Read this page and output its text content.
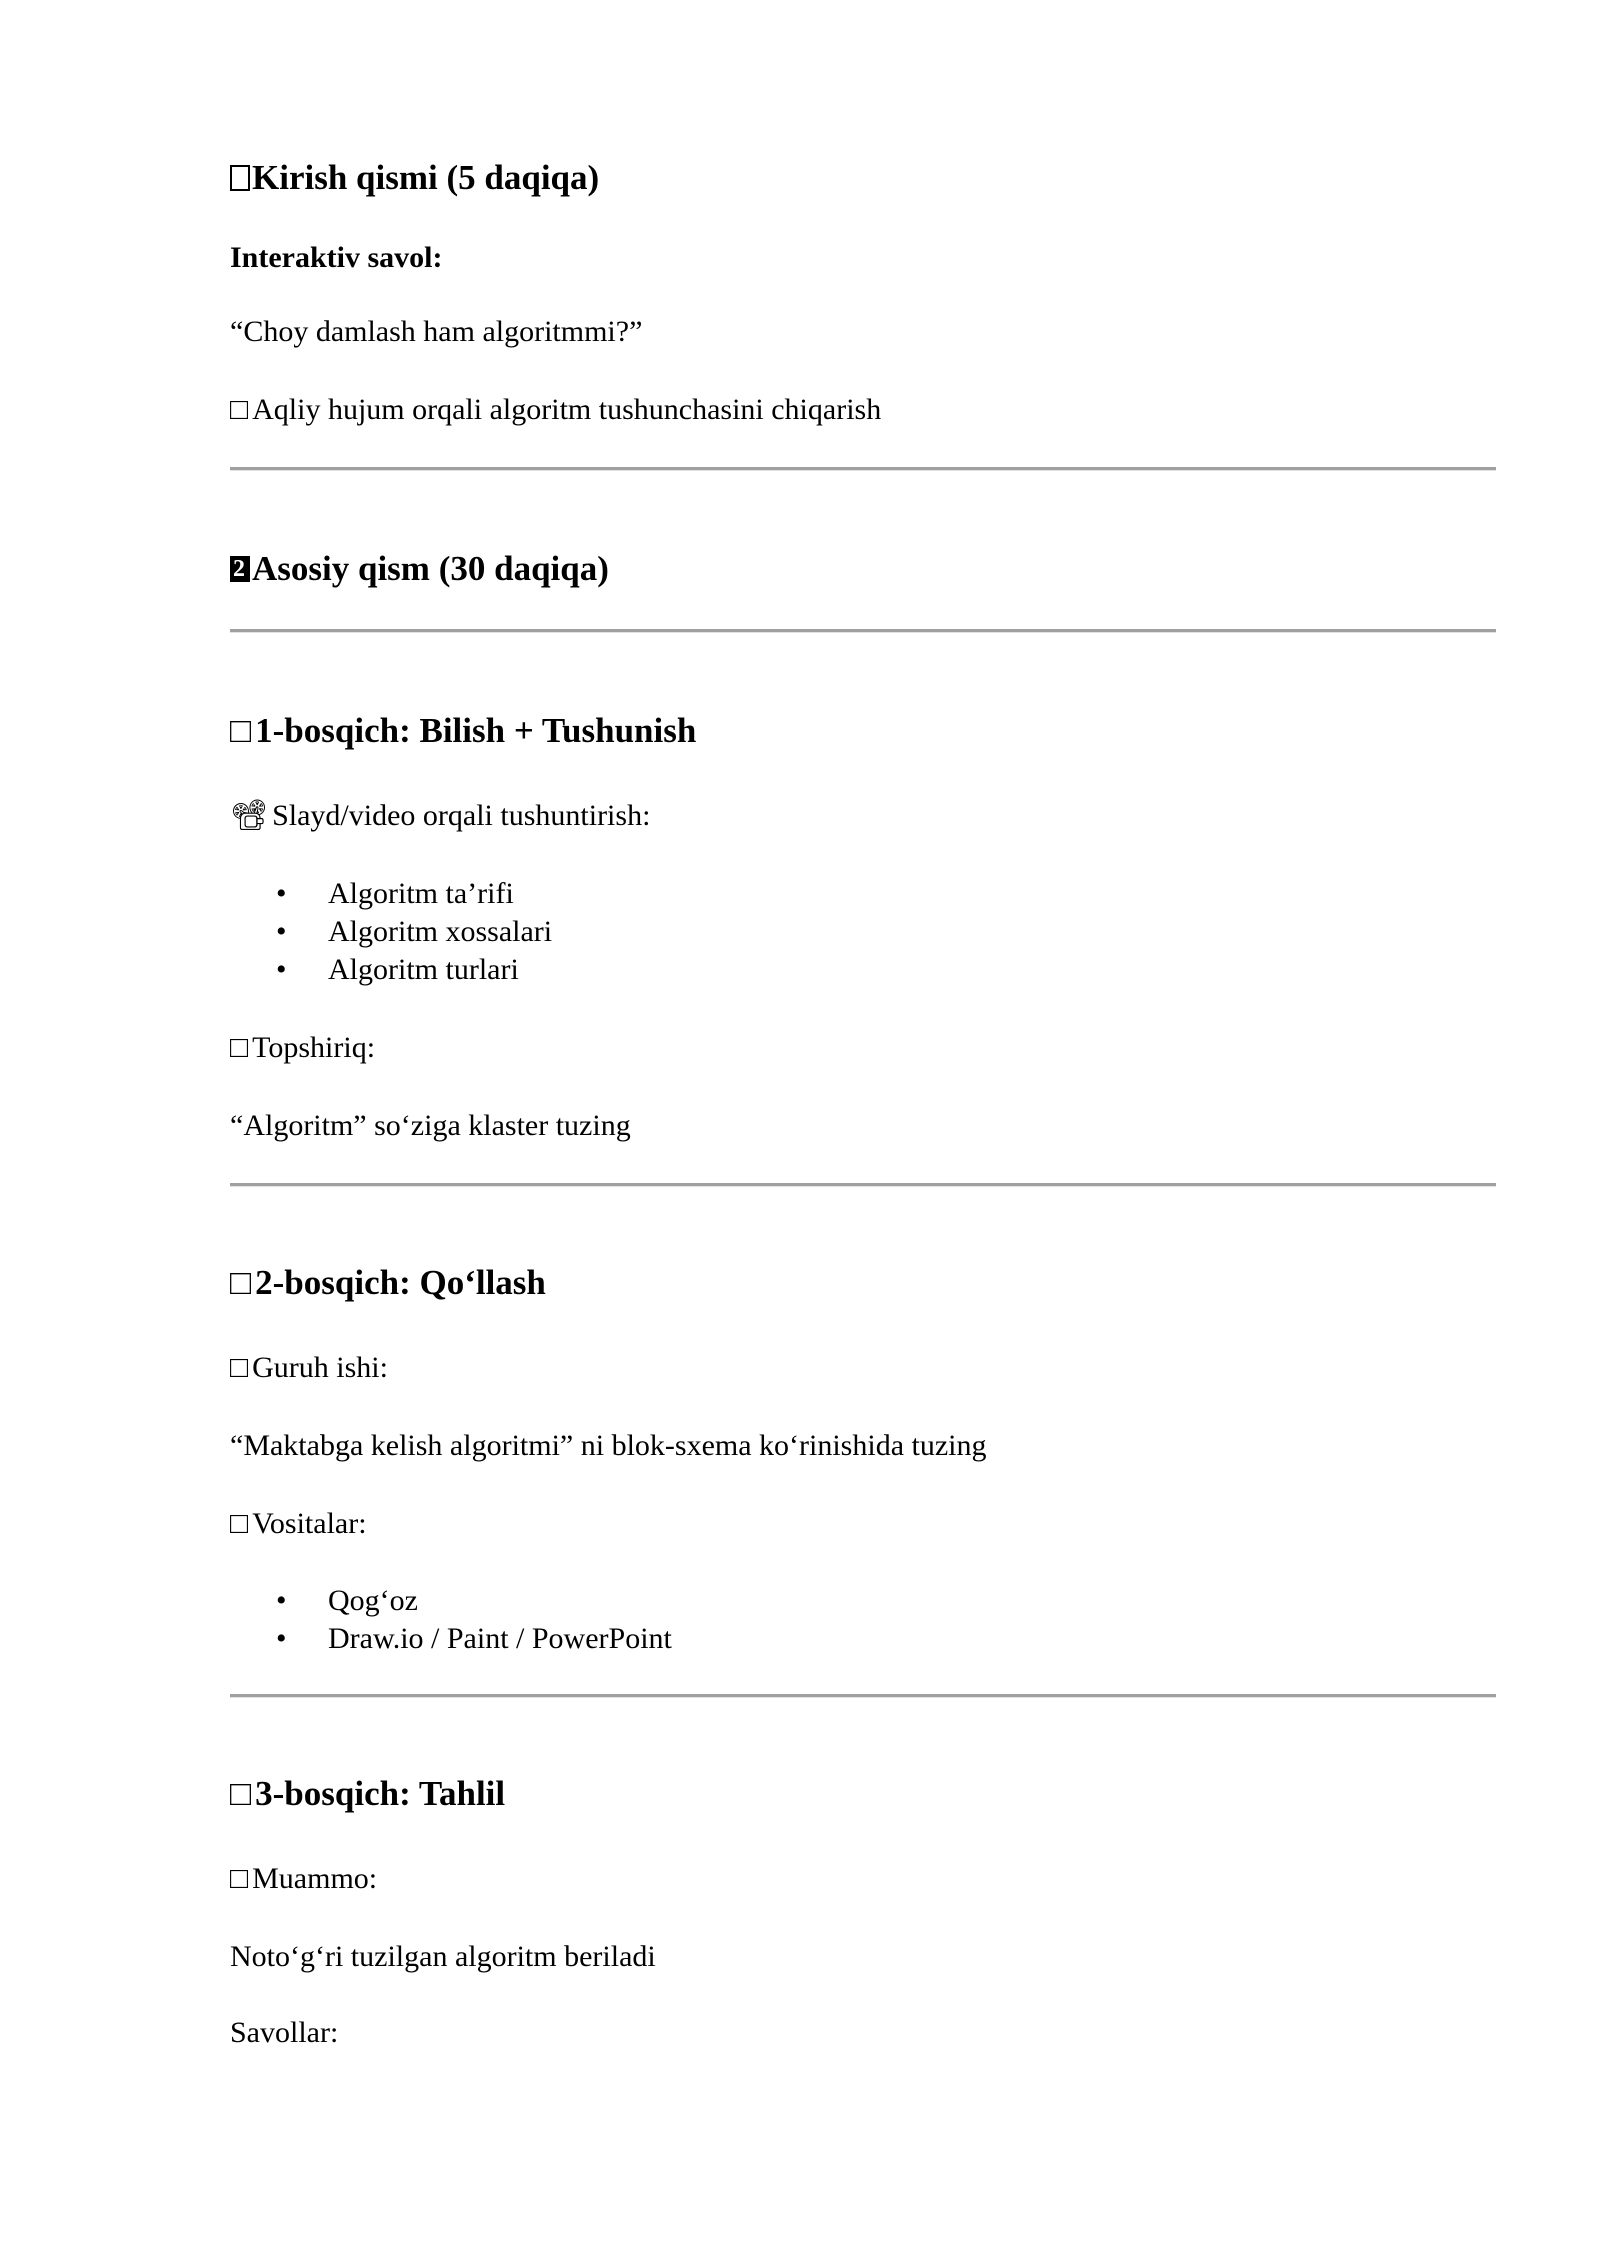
Kirish qismi (5 daqiqa)
Interaktiv savol:
“Choy damlash ham algoritmmi?”
□ Aqliy hujum orqali algoritm tushunchasini chiqarish
2 Asosiy qism (30 daqiqa)
□ 1-bosqich: Bilish + Tushunish
📽 Slayd/video orqali tushuntirish:
• Algoritm ta’rifi
• Algoritm xossalari
• Algoritm turlari
□ Topshiriq:
“Algoritm” so‘ziga klaster tuzing
□ 2-bosqich: Qo‘llash
□ Guruh ishi:
“Maktabga kelish algoritmi” ni blok-sxema ko‘rinishida tuzing
□ Vositalar:
• Qog‘oz
• Draw.io / Paint / PowerPoint
□ 3-bosqich: Tahlil
□ Muammo:
Noto‘g‘ri tuzilgan algoritm beriladi
Savollar:
